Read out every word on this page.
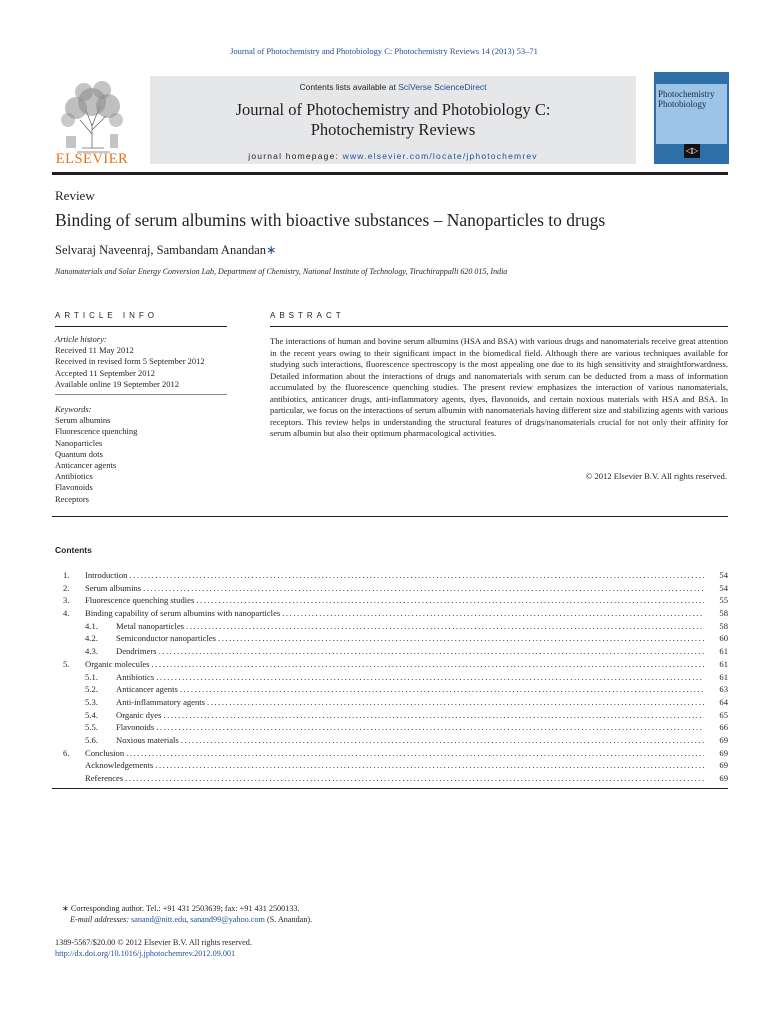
Journal of Photochemistry and Photobiology C: Photochemistry Reviews 14 (2013) 53–71
ELSEVIER
Contents lists available at SciVerse ScienceDirect
Journal of Photochemistry and Photobiology C:
Photochemistry Reviews
journal homepage: www.elsevier.com/locate/jphotochemrev
Photochemistry
Photobiology
◁▷
Review
Binding of serum albumins with bioactive substances – Nanoparticles to drugs
Selvaraj Naveenraj, Sambandam Anandan∗
Nanomaterials and Solar Energy Conversion Lab, Department of Chemistry, National Institute of Technology, Tiruchirappalli 620 015, India
ARTICLE INFO
Article history:
Received 11 May 2012
Received in revised form 5 September 2012
Accepted 11 September 2012
Available online 19 September 2012
Keywords:
Serum albumins
Fluorescence quenching
Nanoparticles
Quantum dots
Anticancer agents
Antibiotics
Flavonoids
Receptors
ABSTRACT
The interactions of human and bovine serum albumins (HSA and BSA) with various drugs and nanomaterials receive great attention in the recent years owing to their significant impact in the biomedical field. Although there are various techniques available for studying such interactions, fluorescence spectroscopy is the most appealing one due to its high sensitivity and straightforwardness. Detailed information about the interactions of drugs and nanomaterials with serum can be deducted from a mass of information accumulated by the fluorescence quenching studies. The present review emphasizes the interaction of various nanomaterials, antibiotics, anticancer drugs, anti-inflammatory agents, dyes, flavonoids, and certain noxious materials with HSA and BSA. In particular, we focus on the interactions of serum albumin with nanomaterials having different size and stabilizing agents with various receptors. This review helps in understanding the structural features of drugs/nanomaterials crucial for not only their affinity for serum albumin but also their optimum pharmacological activities.
© 2012 Elsevier B.V. All rights reserved.
Contents
1. Introduction . . .	54
2. Serum albumins . . .	54
3. Fluorescence quenching studies . . .	55
4. Binding capability of serum albumins with nanoparticles . . .	58
4.1.	Metal nanoparticles . . .	58
4.2.	Semiconductor nanoparticles . . .	60
4.3.	Dendrimers . . .	61
5. Organic molecules . . .	61
5.1.	Antibiotics . . .	61
5.2.	Anticancer agents . . .	63
5.3.	Anti-inflammatory agents . . .	64
5.4.	Organic dyes . . .	65
5.5.	Flavonoids . . .	66
5.6.	Noxious materials . . .	69
6. Conclusion . . .	69
Acknowledgements . . .	69
References . . .	69
∗ Corresponding author. Tel.: +91 431 2503639; fax: +91 431 2500133.
E-mail addresses: sanand@nitt.edu, sanand99@yahoo.com (S. Anandan).
1389-5567/$20.00 © 2012 Elsevier B.V. All rights reserved.
http://dx.doi.org/10.1016/j.jphotochemrev.2012.09.001
